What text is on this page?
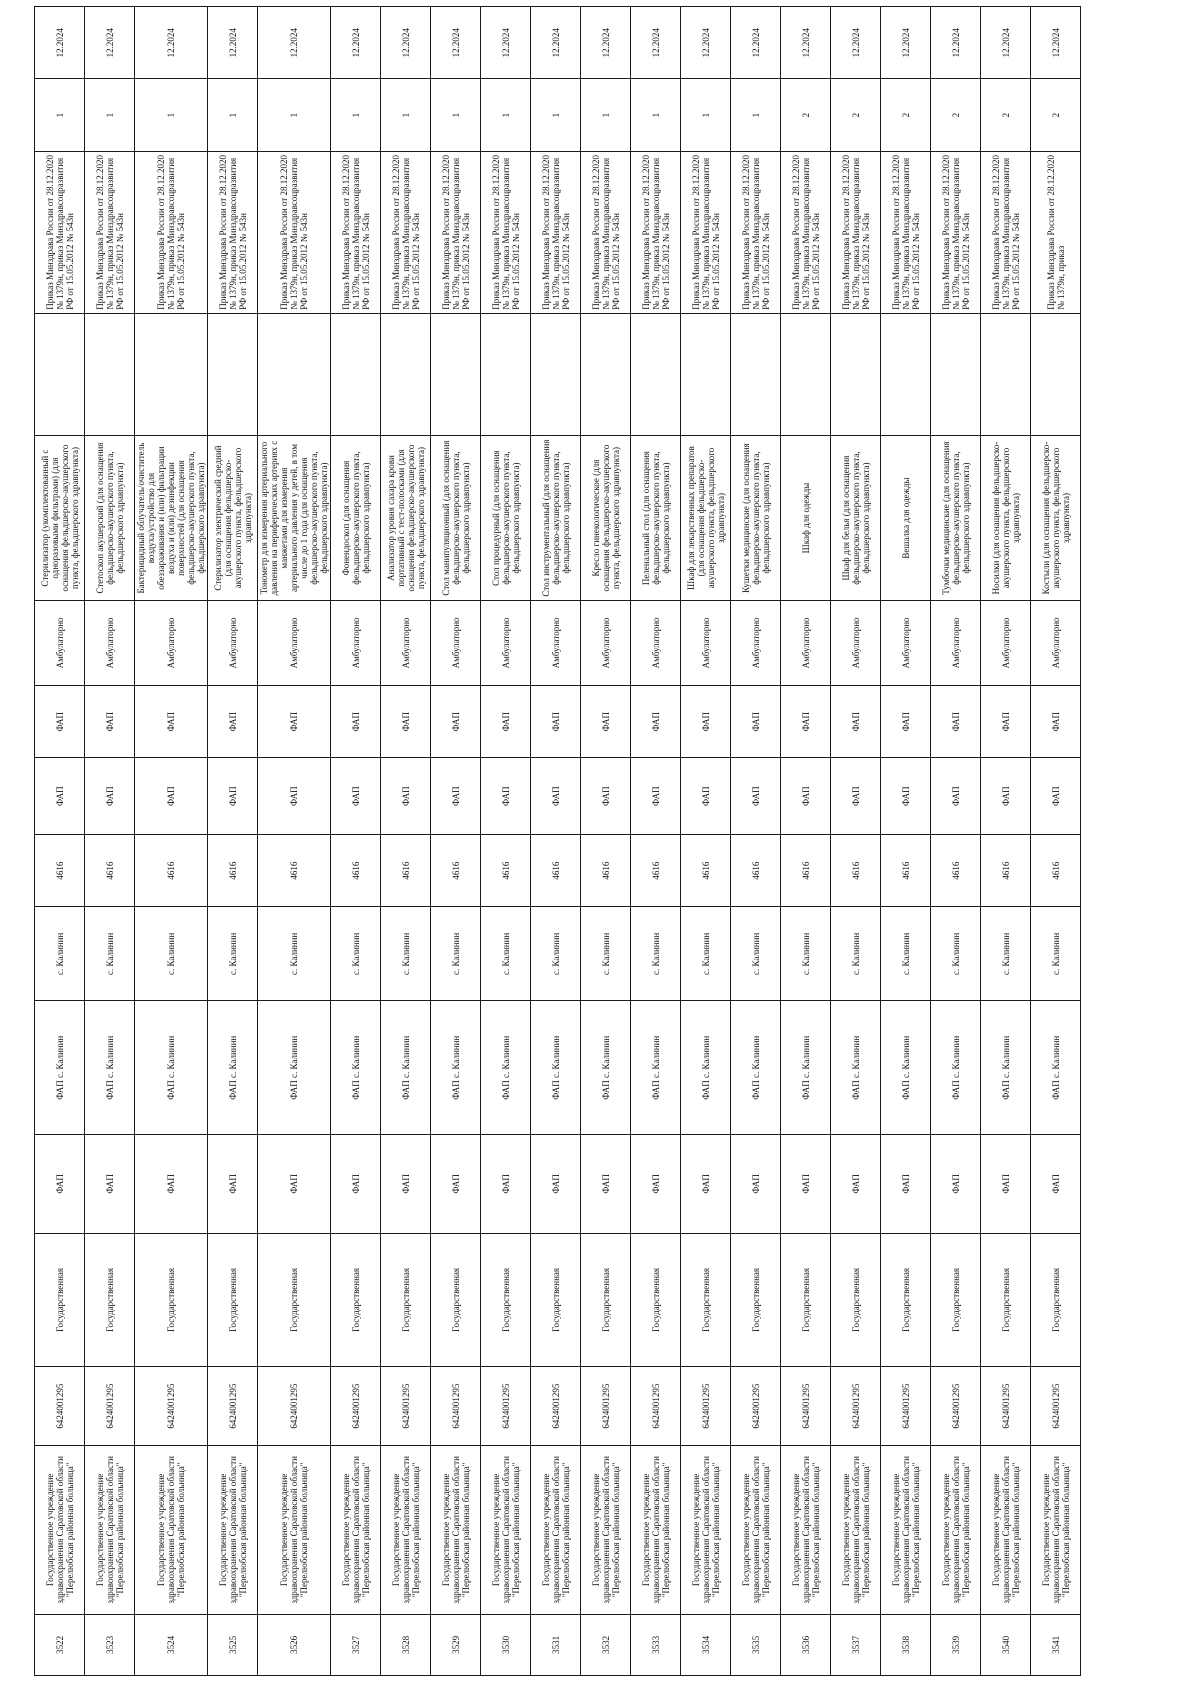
3522	Государственное учреждение здравоохранения Саратовской области "Перелюбская районная больница"	6424001295	Государственная	ФАП	ФАП с. Калинин	с. Калинин	4616	ФАП	ФАП	Амбулаторно	Стерилизатор (укомплектованный с одноразовыми фильтрами) (для оснащения фельдшерско-акушерского пункта, фельдшерского здравпункта)		Приказ Минздрава России от 28.12.2020 № 1379н, приказ Минздравсоцразвития РФ от 15.05.2012 № 543н	1	12.2024
3523	Государственное учреждение здравоохранения Саратовской области "Перелюбская районная больница"	6424001295	Государственная	ФАП	ФАП с. Калинин	с. Калинин	4616	ФАП	ФАП	Амбулаторно	Стетоскоп акушерский (для оснащения фельдшерско-акушерского пункта, фельдшерского здравпункта)		Приказ Минздрава России от 28.12.2020 № 1379н, приказ Минздравсоцразвития РФ от 15.05.2012 № 543н	1	12.2024
3524	Государственное учреждение здравоохранения Саратовской области "Перелюбская районная больница"	6424001295	Государственная	ФАП	ФАП с. Калинин	с. Калинин	4616	ФАП	ФАП	Амбулаторно	Бактерицидный облучатель/очиститель воздуха/устройство для обеззараживания и (или) фильтрации воздуха и (или) дезинфекции поверхностей (для оснащения фельдшерско-акушерского пункта, фельдшерского здравпункта)		Приказ Минздрава России от 28.12.2020 № 1379н, приказ Минздравсоцразвития РФ от 15.05.2012 № 543н	1	12.2024
3525	Государственное учреждение здравоохранения Саратовской области "Перелюбская районная больница"	6424001295	Государственная	ФАП	ФАП с. Калинин	с. Калинин	4616	ФАП	ФАП	Амбулаторно	Стерилизатор электрический средний (для оснащения фельдшерско-акушерского пункта, фельдшерского здравпункта)		Приказ Минздрава России от 28.12.2020 № 1379н, приказ Минздравсоцразвития РФ от 15.05.2012 № 543н	1	12.2024
3526	Государственное учреждение здравоохранения Саратовской области "Перелюбская районная больница"	6424001295	Государственная	ФАП	ФАП с. Калинин	с. Калинин	4616	ФАП	ФАП	Амбулаторно	Тонометр для измерения артериального давления на периферических артериях с манжетами для измерения артериального давления у детей, в том числе до 1 года (для оснащения фельдшерско-акушерского пункта, фельдшерского здравпункта)		Приказ Минздрава России от 28.12.2020 № 1379н, приказ Минздравсоцразвития РФ от 15.05.2012 № 543н	1	12.2024
3527	Государственное учреждение здравоохранения Саратовской области "Перелюбская районная больница"	6424001295	Государственная	ФАП	ФАП с. Калинин	с. Калинин	4616	ФАП	ФАП	Амбулаторно	Фонендоскоп (для оснащения фельдшерско-акушерского пункта, фельдшерского здравпункта)		Приказ Минздрава России от 28.12.2020 № 1379н, приказ Минздравсоцразвития РФ от 15.05.2012 № 543н	1	12.2024
3528	Государственное учреждение здравоохранения Саратовской области "Перелюбская районная больница"	6424001295	Государственная	ФАП	ФАП с. Калинин	с. Калинин	4616	ФАП	ФАП	Амбулаторно	Анализатор уровня сахара крови портативный с тест-полосками (для оснащения фельдшерско-акушерского пункта, фельдшерского здравпункта)		Приказ Минздрава России от 28.12.2020 № 1379н, приказ Минздравсоцразвития РФ от 15.05.2012 № 543н	1	12.2024
3529	Государственное учреждение здравоохранения Саратовской области "Перелюбская районная больница"	6424001295	Государственная	ФАП	ФАП с. Калинин	с. Калинин	4616	ФАП	ФАП	Амбулаторно	Стол манипуляционный (для оснащения фельдшерско-акушерского пункта, фельдшерского здравпункта)		Приказ Минздрава России от 28.12.2020 № 1379н, приказ Минздравсоцразвития РФ от 15.05.2012 № 543н	1	12.2024
3530	Государственное учреждение здравоохранения Саратовской области "Перелюбская районная больница"	6424001295	Государственная	ФАП	ФАП с. Калинин	с. Калинин	4616	ФАП	ФАП	Амбулаторно	Стол процедурный (для оснащения фельдшерско-акушерского пункта, фельдшерского здравпункта)		Приказ Минздрава России от 28.12.2020 № 1379н, приказ Минздравсоцразвития РФ от 15.05.2012 № 543н	1	12.2024
3531	Государственное учреждение здравоохранения Саратовской области "Перелюбская районная больница"	6424001295	Государственная	ФАП	ФАП с. Калинин	с. Калинин	4616	ФАП	ФАП	Амбулаторно	Стол инструментальный (для оснащения фельдшерско-акушерского пункта, фельдшерского здравпункта)		Приказ Минздрава России от 28.12.2020 № 1379н, приказ Минздравсоцразвития РФ от 15.05.2012 № 543н	1	12.2024
3532	Государственное учреждение здравоохранения Саратовской области "Перелюбская районная больница"	6424001295	Государственная	ФАП	ФАП с. Калинин	с. Калинин	4616	ФАП	ФАП	Амбулаторно	Кресло гинекологическое (для оснащения фельдшерско-акушерского пункта, фельдшерского здравпункта)		Приказ Минздрава России от 28.12.2020 № 1379н, приказ Минздравсоцразвития РФ от 15.05.2012 № 543н	1	12.2024
3533	Государственное учреждение здравоохранения Саратовской области "Перелюбская районная больница"	6424001295	Государственная	ФАП	ФАП с. Калинин	с. Калинин	4616	ФАП	ФАП	Амбулаторно	Пеленальный стол (для оснащения фельдшерско-акушерского пункта, фельдшерского здравпункта)		Приказ Минздрава России от 28.12.2020 № 1379н, приказ Минздравсоцразвития РФ от 15.05.2012 № 543н	1	12.2024
3534	Государственное учреждение здравоохранения Саратовской области "Перелюбская районная больница"	6424001295	Государственная	ФАП	ФАП с. Калинин	с. Калинин	4616	ФАП	ФАП	Амбулаторно	Шкаф для лекарственных препаратов (для оснащения фельдшерско-акушерского пункта, фельдшерского здравпункта)		Приказ Минздрава России от 28.12.2020 № 1379н, приказ Минздравсоцразвития РФ от 15.05.2012 № 543н	1	12.2024
3535	Государственное учреждение здравоохранения Саратовской области "Перелюбская районная больница"	6424001295	Государственная	ФАП	ФАП с. Калинин	с. Калинин	4616	ФАП	ФАП	Амбулаторно	Кушетки медицинские (для оснащения фельдшерско-акушерского пункта, фельдшерского здравпункта)		Приказ Минздрава России от 28.12.2020 № 1379н, приказ Минздравсоцразвития РФ от 15.05.2012 № 543н	1	12.2024
3536	Государственное учреждение здравоохранения Саратовской области "Перелюбская районная больница"	6424001295	Государственная	ФАП	ФАП с. Калинин	с. Калинин	4616	ФАП	ФАП	Амбулаторно	Шкаф для одежды		Приказ Минздрава России от 28.12.2020 № 1379н, приказ Минздравсоцразвития РФ от 15.05.2012 № 543н	2	12.2024
3537	Государственное учреждение здравоохранения Саратовской области "Перелюбская районная больница"	6424001295	Государственная	ФАП	ФАП с. Калинин	с. Калинин	4616	ФАП	ФАП	Амбулаторно	Шкаф для белья (для оснащения фельдшерско-акушерского пункта, фельдшерского здравпункта)		Приказ Минздрава России от 28.12.2020 № 1379н, приказ Минздравсоцразвития РФ от 15.05.2012 № 543н	2	12.2024
3538	Государственное учреждение здравоохранения Саратовской области "Перелюбская районная больница"	6424001295	Государственная	ФАП	ФАП с. Калинин	с. Калинин	4616	ФАП	ФАП	Амбулаторно	Вешалка для одежды		Приказ Минздрава России от 28.12.2020 № 1379н, приказ Минздравсоцразвития РФ от 15.05.2012 № 543н	2	12.2024
3539	Государственное учреждение здравоохранения Саратовской области "Перелюбская районная больница"	6424001295	Государственная	ФАП	ФАП с. Калинин	с. Калинин	4616	ФАП	ФАП	Амбулаторно	Тумбочки медицинские (для оснащения фельдшерско-акушерского пункта, фельдшерского здравпункта)		Приказ Минздрава России от 28.12.2020 № 1379н, приказ Минздравсоцразвития РФ от 15.05.2012 № 543н	2	12.2024
3540	Государственное учреждение здравоохранения Саратовской области "Перелюбская районная больница"	6424001295	Государственная	ФАП	ФАП с. Калинин	с. Калинин	4616	ФАП	ФАП	Амбулаторно	Носилки (для оснащения фельдшерско-акушерского пункта, фельдшерского здравпункта)		Приказ Минздрава России от 28.12.2020 № 1379н, приказ Минздравсоцразвития РФ от 15.05.2012 № 543н	2	12.2024
3541	Государственное учреждение здравоохранения Саратовской области "Перелюбская районная больница"	6424001295	Государственная	ФАП	ФАП с. Калинин	с. Калинин	4616	ФАП	ФАП	Амбулаторно	Костыли (для оснащения фельдшерско-акушерского пункта, фельдшерского здравпункта)		Приказ Минздрава России от 28.12.2020 № 1379н, приказ	2	12.2024
